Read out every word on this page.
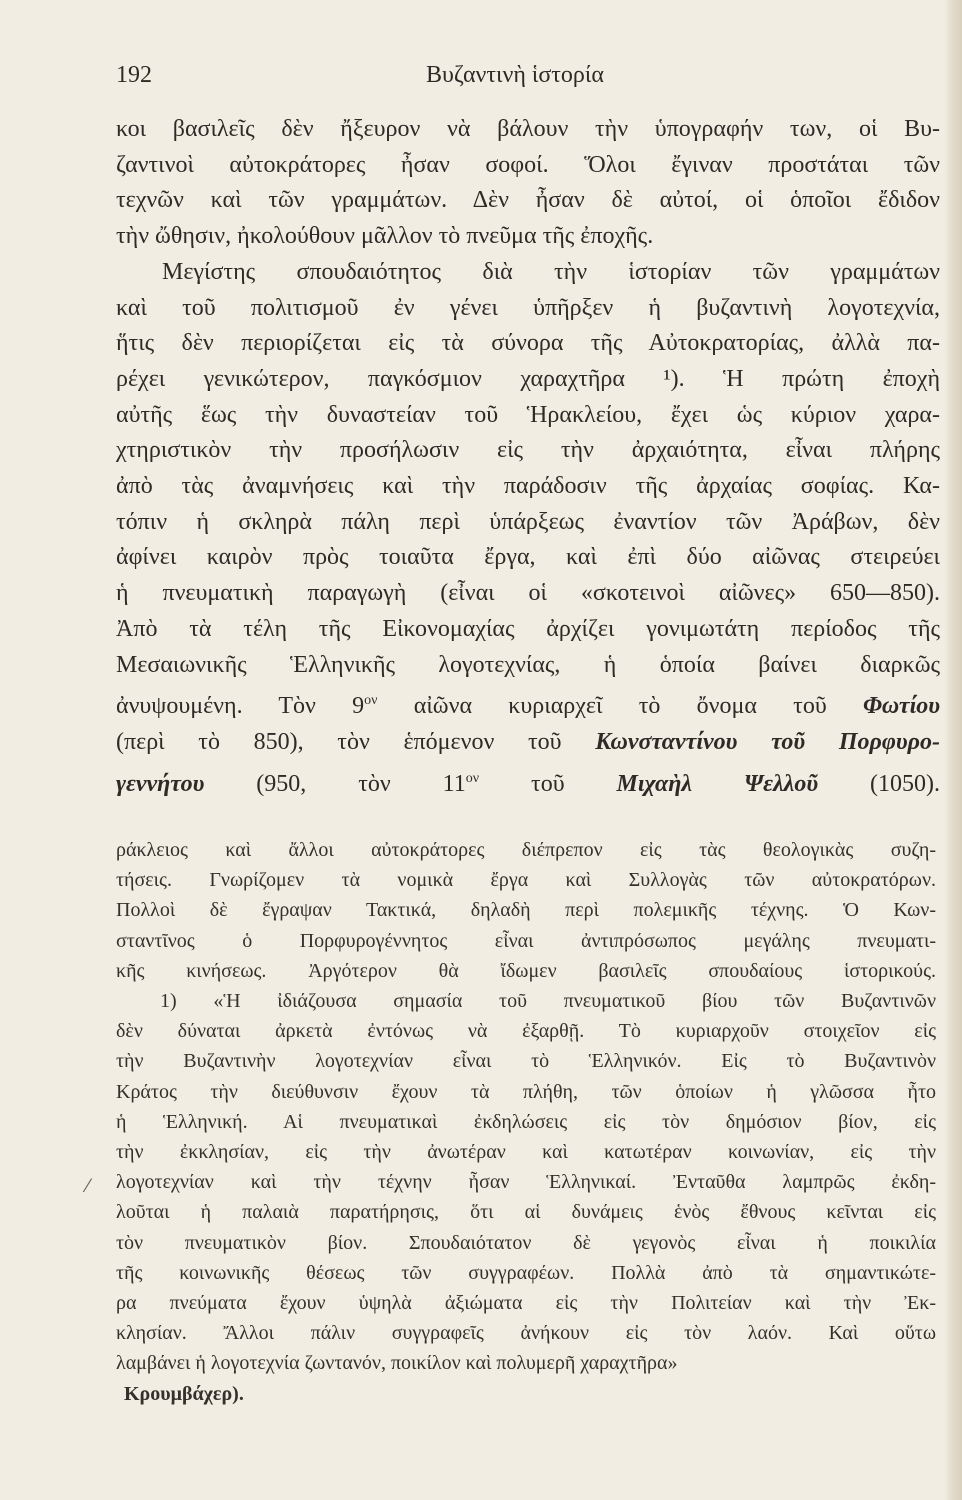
192	Βυζαντινὴ ἱστορία
κοι βασιλεῖς δὲν ἤξευρον νὰ βάλουν τὴν ὑπογραφήν των, οἱ Βυ-
ζαντινοὶ αὐτοκράτορες ἦσαν σοφοί. Ὅλοι ἔγιναν προστάται τῶν
τεχνῶν καὶ τῶν γραμμάτων. Δὲν ἦσαν δὲ αὐτοί, οἱ ὁποῖοι ἔδιδον
τὴν ὤθησιν, ἠκολούθουν μᾶλλον τὸ πνεῦμα τῆς ἐποχῆς.
Μεγίστης σπουδαιότητος διὰ τὴν ἱστορίαν τῶν γραμμάτων
καὶ τοῦ πολιτισμοῦ ἐν γένει ὑπῆρξεν ἡ βυζαντινὴ λογοτεχνία,
ἥτις δὲν περιορίζεται εἰς τὰ σύνορα τῆς Αὐτοκρατορίας, ἀλλὰ πα-
ρέχει γενικώτερον, παγκόσμιον χαραχτῆρα ¹). Ἡ πρώτη ἐποχὴ
αὐτῆς ἕως τὴν δυναστείαν τοῦ Ἡρακλείου, ἔχει ὡς κύριον χαρα-
χτηριστικὸν τὴν προσήλωσιν εἰς τὴν ἀρχαιότητα, εἶναι πλήρης
ἀπὸ τὰς ἀναμνήσεις καὶ τὴν παράδοσιν τῆς ἀρχαίας σοφίας. Κα-
τόπιν ἡ σκληρὰ πάλη περὶ ὑπάρξεως ἐναντίον τῶν Ἀράβων, δὲν
ἀφίνει καιρὸν πρὸς τοιαῦτα ἔργα, καὶ ἐπὶ δύο αἰῶνας στειρεύει
ἡ πνευματικὴ παραγωγὴ (εἶναι οἱ «σκοτεινοὶ αἰῶνες» 650—850).
Ἀπὸ τὰ τέλη τῆς Εἰκονομαχίας ἀρχίζει γονιμωτάτη περίοδος τῆς
Μεσαιωνικῆς Ἑλληνικῆς λογοτεχνίας, ἡ ὁποία βαίνει διαρκῶς
ἀνυψουμένη. Τὸν $9^{o\nu}$ αἰῶνα κυριαρχεῖ τὸ ὄνομα τοῦ Φωτίου
(περὶ τὸ 850), τὸν ἑπόμενον τοῦ Κωνσταντίνου τοῦ Πορφυρο-
γεννήτου (950, τὸν $11^{o\nu}$ τοῦ Μιχαὴλ Ψελλοῦ (1050).
ράκλειος καὶ ἄλλοι αὐτοκράτορες διέπρεπον εἰς τὰς θεολογικὰς συζη-
τήσεις. Γνωρίζομεν τὰ νομικὰ ἔργα καὶ Συλλογὰς τῶν αὐτοκρατόρων.
Πολλοὶ δὲ ἔγραψαν Τακτικά, δηλαδὴ περὶ πολεμικῆς τέχνης. Ὁ Κων-
σταντῖνος ὁ Πορφυρογέννητος εἶναι ἀντιπρόσωπος μεγάλης πνευματι-
κῆς κινήσεως. Ἀργότερον θὰ ἴδωμεν βασιλεῖς σπουδαίους ἱστορικούς.
1) «Ἡ ἰδιάζουσα σημασία τοῦ πνευματικοῦ βίου τῶν Βυζαντινῶν
δὲν δύναται ἀρκετὰ ἐντόνως νὰ ἐξαρθῇ. Τὸ κυριαρχοῦν στοιχεῖον εἰς
τὴν Βυζαντινὴν λογοτεχνίαν εἶναι τὸ Ἑλληνικόν. Εἰς τὸ Βυζαντινὸν
Κράτος τὴν διεύθυνσιν ἔχουν τὰ πλήθη, τῶν ὁποίων ἡ γλῶσσα ἦτο
ἡ Ἑλληνική. Αἱ πνευματικαὶ ἐκδηλώσεις εἰς τὸν δημόσιον βίον, εἰς
τὴν ἐκκλησίαν, εἰς τὴν ἀνωτέραν καὶ κατωτέραν κοινωνίαν, εἰς τὴν
λογοτεχνίαν καὶ τὴν τέχνην ἦσαν Ἑλληνικαί. Ἐνταῦθα λαμπρῶς ἐκδη-
λοῦται ἡ παλαιὰ παρατήρησις, ὅτι αἱ δυνάμεις ἑνὸς ἔθνους κεῖνται εἰς
τὸν πνευματικὸν βίον. Σπουδαιότατον δὲ γεγονὸς εἶναι ἡ ποικιλία
τῆς κοινωνικῆς θέσεως τῶν συγγραφέων. Πολλὰ ἀπὸ τὰ σημαντικώτε-
ρα πνεύματα ἔχουν ὑψηλὰ ἀξιώματα εἰς τὴν Πολιτείαν καὶ τὴν Ἐκ-
κλησίαν. Ἄλλοι πάλιν συγγραφεῖς ἀνήκουν εἰς τὸν λαόν. Καὶ οὕτω
λαμβάνει ἡ λογοτεχνία ζωντανόν, ποικίλον καὶ πολυμερῆ χαραχτῆρα»
Κρουμβάχερ).
⁄
